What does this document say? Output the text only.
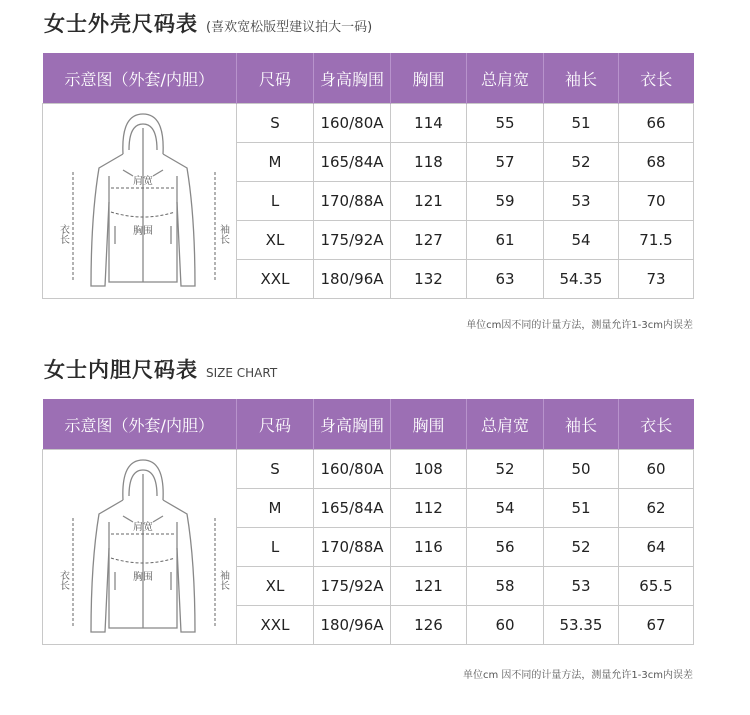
女士外壳尺码表 (喜欢宽松版型建议拍大一码)
示意图（外套/内胆）	尺码	身高胸围	胸围	总肩宽	袖长	衣长

肩宽
胸围
衣长 袖长	S	160/80A	114	55	51	66
	M	165/84A	118	57	52	68
	L	170/88A	121	59	53	70
	XL	175/92A	127	61	54	71.5
	XXL	180/96A	132	63	54.35	73
单位cm因不同的计量方法，测量允许1-3cm内误差
女士内胆尺码表 SIZE CHART
示意图（外套/内胆）	尺码	身高胸围	胸围	总肩宽	袖长	衣长

肩宽
胸围
衣长 袖长	S	160/80A	108	52	50	60
	M	165/84A	112	54	51	62
	L	170/88A	116	56	52	64
	XL	175/92A	121	58	53	65.5
	XXL	180/96A	126	60	53.35	67
单位cm 因不同的计量方法，测量允许1-3cm内误差
